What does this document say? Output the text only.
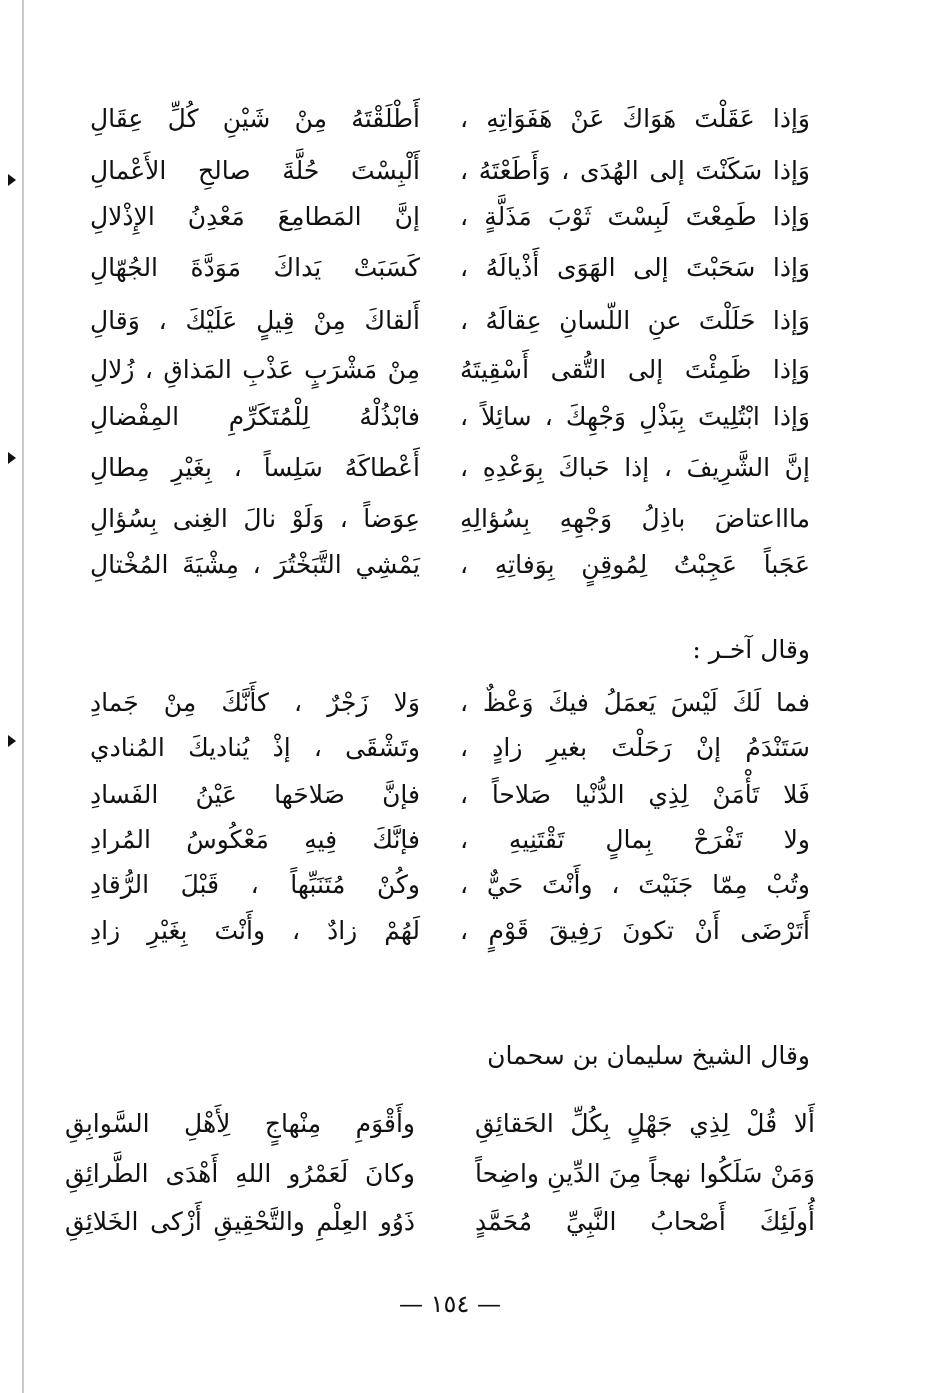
وَإذا عَقَلْتَ هَوَاكَ عَنْ هَفَوَاتِهِ ،
أَطْلَقْتَهُ مِنْ شَيْنِ كُلِّ عِقَالِ
وَإذا سَكَنْتَ إلى الهُدَى ، وَأَطَعْتَهُ ،
أَلْبِسْتَ حُلَّةَ صالحِ الأَعْمالِ
وَإذا طَمِعْتَ لَبِسْتَ ثَوْبَ مَذَلَّةٍ ،
إنَّ المَطامِعَ مَعْدِنُ الإِذْلالِ
وَإذا سَحَبْتَ إلى الهَوَى أَذْيالَهُ ،
كَسَبَتْ يَداكَ مَوَدَّةَ الجُهّالِ
وَإذا حَلَلْتَ عنِ اللّسانِ عِقالَهُ ،
أَلقاكَ مِنْ قِيلٍ عَلَيْكَ ، وَقالِ
وَإذا ظَمِئْتَ إلى التُّقى أَسْقِيتَهُ
مِنْ مَشْرَبٍ عَذْبِ المَذاقِ ، زُلالِ
وَإذا ابْتُلِيتَ بِبَذْلِ وَجْهِكَ ، سائِلاً ،
فابْذُلْهُ لِلْمُتَكَرِّمِ المِفْضالِ
إنَّ الشَّرِيفَ ، إذا حَباكَ بِوَعْدِهِ ،
أَعْطاكَهُ سَلِساً ، بِغَيْرِ مِطالِ
ماااعتاضَ باذِلُ وَجْهِهِ بِسُؤالِهِ
عِوَضاً ، وَلَوْ نالَ الغِنى بِسُؤالِ
عَجَباً عَجِبْتُ لِمُوقِنٍ بِوَفاتِهِ ،
يَمْشِي التَّبَخْتُرَ ، مِشْيَةَ المُخْتالِ
وقال آخـر :
فما لَكَ لَيْسَ يَعمَلُ فيكَ وَعْظٌ ،
وَلا زَجْرٌ ، كأَنَّكَ مِنْ جَمادِ
سَتَنْدَمُ إنْ رَحَلْتَ بغيرِ زادٍ ،
وتَشْقَى ، إذْ يُناديكَ المُنادي
فَلا تَأْمَنْ لِذِي الدُّنْيا صَلاحاً ،
فإنَّ صَلاحَها عَيْنُ الفَسادِ
ولا تَفْرَحْ بِمالٍ تَقْتَنِيهِ ،
فإنَّكَ فِيهِ مَعْكُوسُ المُرادِ
وتُبْ مِمّا جَنَيْتَ ، وأَنْتَ حَيٌّ ،
وكُنْ مُتَنَبِّهاً ، قَبْلَ الرُّقادِ
أَتَرْضَى أَنْ تكونَ رَفِيقَ قَوْمٍ ،
لَهُمْ زادٌ ، وأَنْتَ بِغَيْرِ زادِ
وقال الشيخ سليمان بن سحمان
أَلا قُلْ لِذِي جَهْلٍ بِكُلِّ الحَقائِقِ
وأَقْوَمِ مِنْهاجٍ لِأَهْلِ السَّوابِقِ
وَمَنْ سَلَكُوا نهجاً مِنَ الدِّينِ واضِحاً
وكانَ لَعَمْرُو اللهِ أَهْدَى الطَّرائِقِ
أُولَئِكَ أَصْحابُ النَّبِيِّ مُحَمَّدٍ
ذَوُو العِلْمِ والتَّحْقِيقِ أَزْكى الخَلائِقِ
— ١٥٤ —
